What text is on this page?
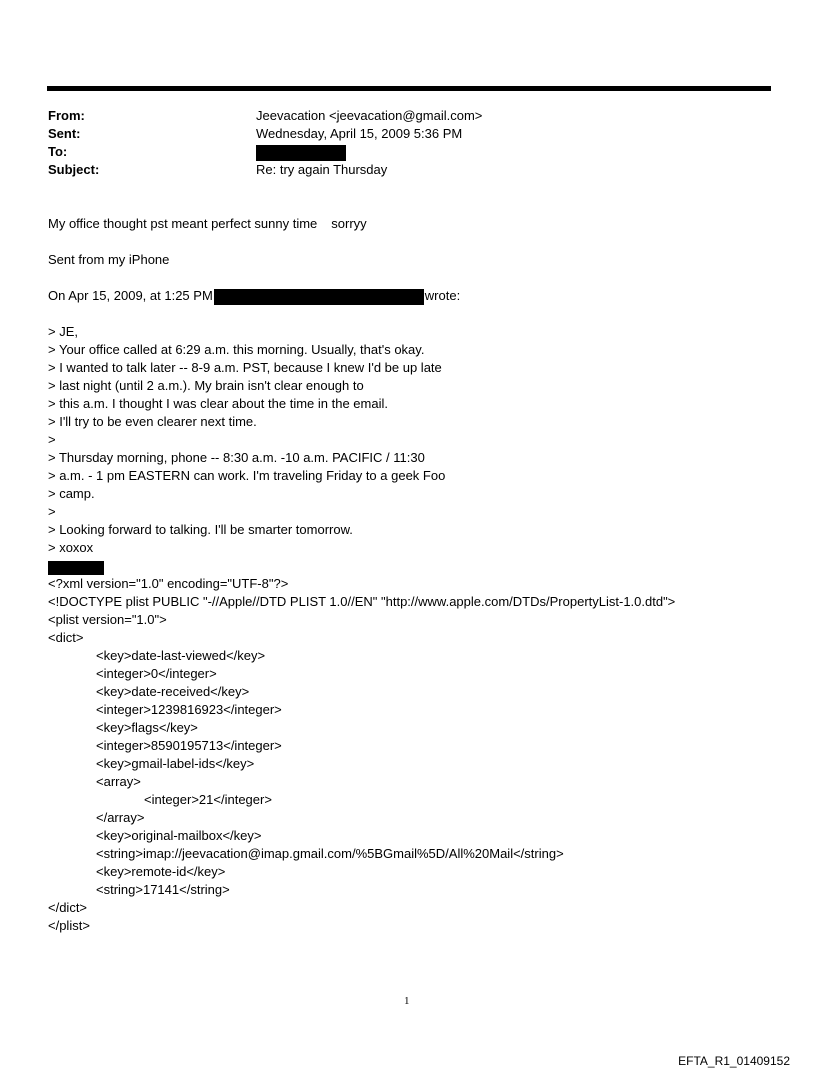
From:	Jeevacation <jeevacation@gmail.com>
Sent:	Wednesday, April 15, 2009 5:36 PM
To:
Subject:	Re: try again Thursday
My office thought pst meant perfect sunny time sorryy
Sent from my iPhone
On Apr 15, 2009, at 1:25 PM	wrote:
> JE,
> Your office called at 6:29 a.m. this morning. Usually, that's okay.
> I wanted to talk later -- 8-9 a.m. PST, because I knew I'd be up late
> last night (until 2 a.m.). My brain isn't clear enough to
> this a.m. I thought I was clear about the time in the email.
> I'll try to be even clearer next time.
>
> Thursday morning, phone -- 8:30 a.m. -10 a.m. PACIFIC / 11:30
> a.m. - 1 pm EASTERN can work. I'm traveling Friday to a geek Foo
> camp.
>
> Looking forward to talking. I'll be smarter tomorrow.
> xoxox
<?xml version="1.0" encoding="UTF-8"?>
<!DOCTYPE plist PUBLIC "-//Apple//DTD PLIST 1.0//EN" "http://www.apple.com/DTDs/PropertyList-1.0.dtd">
<plist version="1.0">
<dict>
<key>date-last-viewed</key>
<integer>0</integer>
<key>date-received</key>
<integer>1239816923</integer>
<key>flags</key>
<integer>8590195713</integer>
<key>gmail-label-ids</key>
<array>
<integer>21</integer>
</array>
<key>original-mailbox</key>
<string>imap://jeevacation@imap.gmail.com/%5BGmail%5D/All%20Mail</string>
<key>remote-id</key>
<string>17141</string>
</dict>
</plist>
1
EFTA_R1_01409152
